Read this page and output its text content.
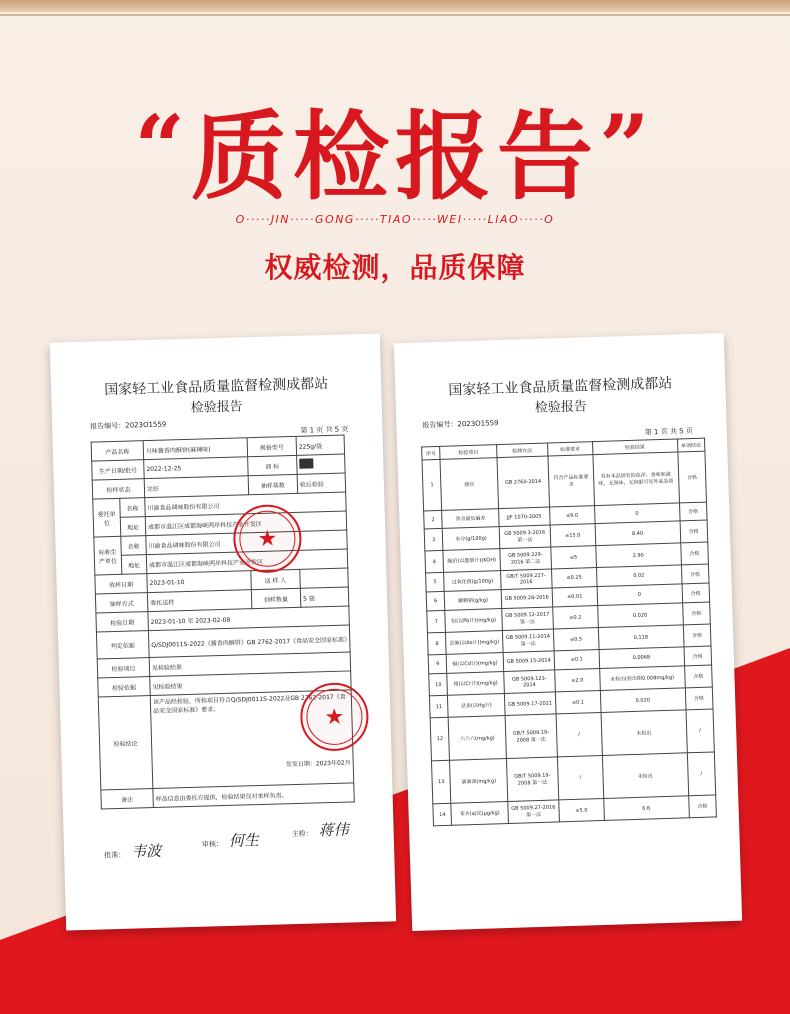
“质检报告”
O·····JIN·····GONG·····TIAO·····WEI·····LIAO·····O
权威检测，品质保障
国家轻工业食品质量监督检测成都站
检验报告
报告编号：2023O1559	第 1 页 共 5 页
产品名称		川味酱香肉酥饼(麻辣味)	规格型号	225g/袋
生产日期/批号		2022-12-25	商 标	
检样状态		完好	抽样基数	检后检验
委托单位	名称	川渝食品调味股份有限公司		
	地址	成都市温江区成都海峡两岸科技产业开发区		
标称生产单位	名称	川渝食品调味股份有限公司		
	地址	成都市温江区成都海峡两岸科技产业开发区		
收样日期		2023-01-10	送 样 人	
抽样方式		委托送样	到样数量	5 袋
检验日期		2023-01-10 至 2023-02-08		
判定依据		Q/SDJ0011S-2022《酱香肉酥饼》GB 2762-2017《食品安全国家标准》		
检验项目		见检验结果		
检验依据		见检验结果		
检验结论		该产品经检验，所检项目符合Q/SDJ0011S-2022及GB 2762-2017《食品安全国家标准》要求。
签发日期：2023年02月		

备注		样品信息由委托方提供，检验结果仅对来样负责。		
★
★
批准： 韦波	审核： 何生	主检： 蒋伟
国家轻工业食品质量监督检测成都站
检验报告
报告编号：2023O1559
第 1 页 共 5 页
序号	检验项目	检测方法	标准要求	检验结果	单项结论
1	感官	GB 2760-2014	符合产品标准要求	具有本品固有的色泽、香味和滋味，无异味，无肉眼可见外来杂质	合格
2	净含量负偏差	JJF 1070-2005	≤9.0	0	合格
3	水分(g/100g)	GB 5009.3-2016 第一法	≤15.0	8.40	合格
4	酸价(以脂肪计)(KOH)	GB 5009.229-2016 第二法	≤5	2.90	合格
5	过氧化值(g/100g)	GB/T 5009.227-2016	≤0.25	0.02	合格
6	糖精钠(g/kg)	GB 5009.28-2016	≤0.01	0	合格
7	铅(以Pb计)(mg/kg)	GB 5009.12-2017 第一法	≤0.2	0.020	合格
8	总砷(以As计)(mg/kg)	GB 5009.11-2014 第一法	≤0.5	0.118	合格
9	镉(以Cd计)(mg/kg)	GB 5009.15-2014	≤0.1	0.0068	合格
10	铬(以Cr计)(mg/kg)	GB 5009.123-2014	≤2.0	未检出(检出限0.008mg/kg)	合格
11	总汞(以Hg计)	GB 5009.17-2021	≤0.1	0.020	合格
12	六六六(mg/kg)	GB/T 5009.19-2008 第一法	/	未检出	/
13	滴滴涕(mg/kg)	GB/T 5009.19-2008 第一法	/	未检出	/
14	苯并(a)芘(μg/kg)	GB 5009.27-2016 第一法	≤5.0	0.6	合格
